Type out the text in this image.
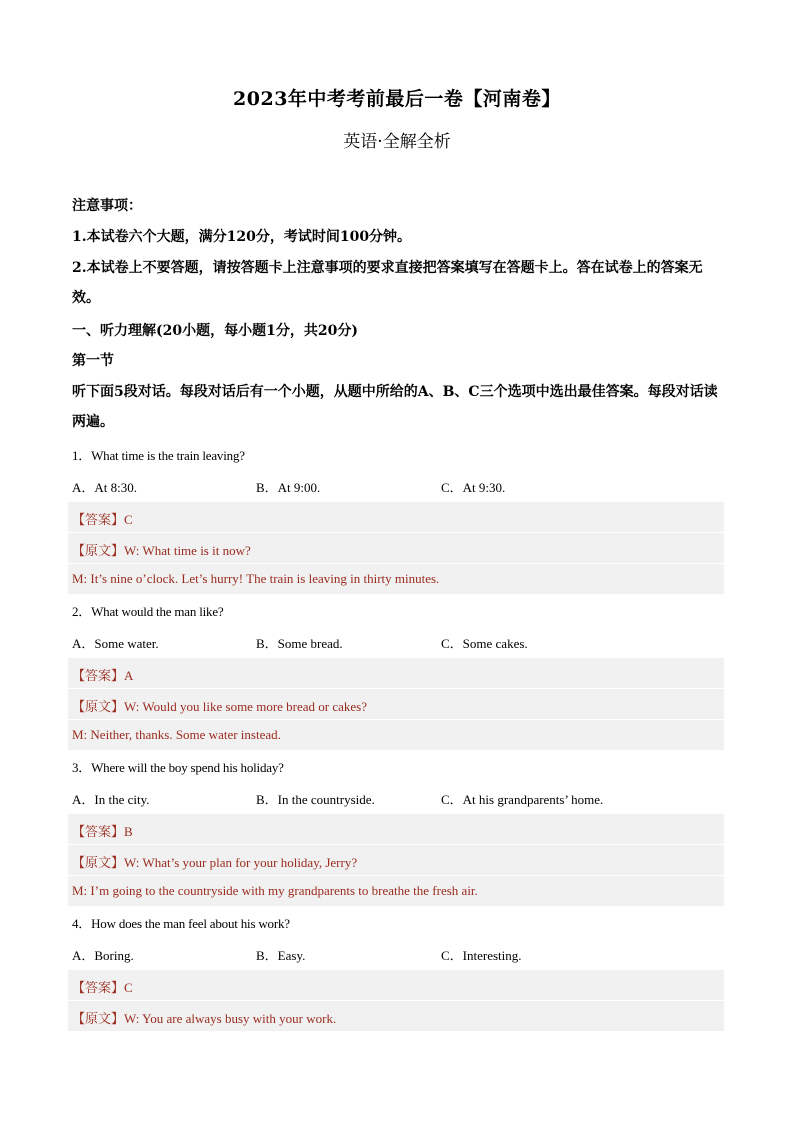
2023年中考考前最后一卷【河南卷】
英语·全解全析
注意事项：
1.本试卷六个大题，满分120分，考试时间100分钟。
2.本试卷上不要答题，请按答题卡上注意事项的要求直接把答案填写在答题卡上。答在试卷上的答案无效。
一、听力理解(20小题，每小题1分，共20分)
第一节
听下面5段对话。每段对话后有一个小题，从题中所给的A、B、C三个选项中选出最佳答案。每段对话读两遍。
1．What time is the train leaving?
A．At 8:30.	B．At 9:00.	C．At 9:30.
【答案】C
【原文】W: What time is it now?
M: It’s nine o’clock. Let’s hurry! The train is leaving in thirty minutes.
2．What would the man like?
A．Some water.	B．Some bread.	C．Some cakes.
【答案】A
【原文】W: Would you like some more bread or cakes?
M: Neither, thanks. Some water instead.
3．Where will the boy spend his holiday?
A．In the city.	B．In the countryside.	C．At his grandparents’ home.
【答案】B
【原文】W: What’s your plan for your holiday, Jerry?
M: I’m going to the countryside with my grandparents to breathe the fresh air.
4．How does the man feel about his work?
A．Boring.	B．Easy.	C．Interesting.
【答案】C
【原文】W: You are always busy with your work.
